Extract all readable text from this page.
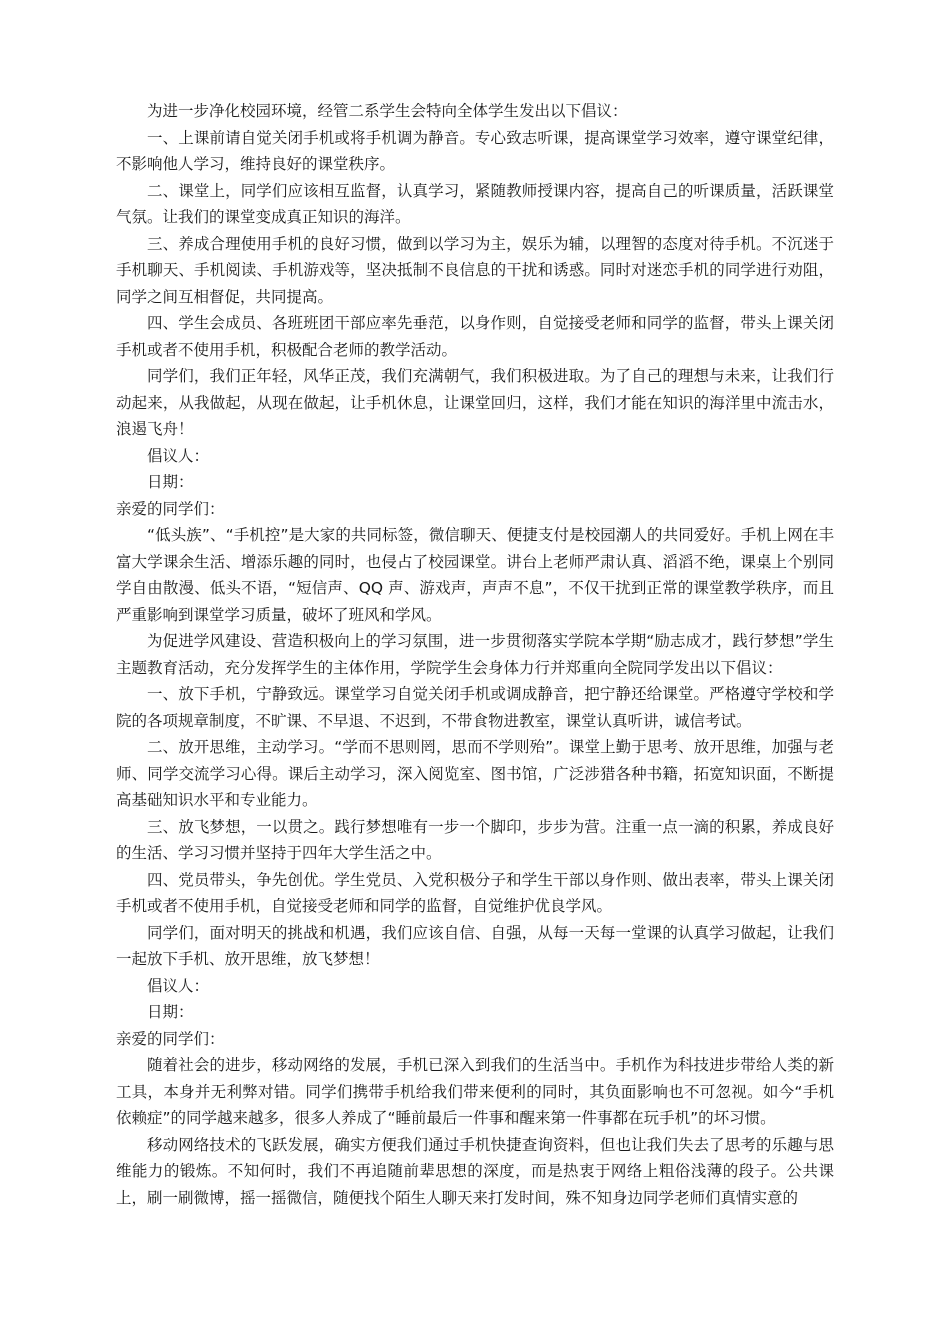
为进一步净化校园环境，经管二系学生会特向全体学生发出以下倡议：

一、上课前请自觉关闭手机或将手机调为静音。专心致志听课，提高课堂学习效率，遵守课堂纪律，不影响他人学习，维持良好的课堂秩序。

二、课堂上，同学们应该相互监督，认真学习，紧随教师授课内容，提高自己的听课质量，活跃课堂气氛。让我们的课堂变成真正知识的海洋。

三、养成合理使用手机的良好习惯，做到以学习为主，娱乐为辅，以理智的态度对待手机。不沉迷于手机聊天、手机阅读、手机游戏等，坚决抵制不良信息的干扰和诱惑。同时对迷恋手机的同学进行劝阻，同学之间互相督促，共同提高。

四、学生会成员、各班班团干部应率先垂范，以身作则，自觉接受老师和同学的监督，带头上课关闭手机或者不使用手机，积极配合老师的教学活动。

同学们，我们正年轻，风华正茂，我们充满朝气，我们积极进取。为了自己的理想与未来，让我们行动起来，从我做起，从现在做起，让手机休息，让课堂回归，这样，我们才能在知识的海洋里中流击水，浪遏飞舟！

倡议人：

日期：

亲爱的同学们：

“低头族”、“手机控”是大家的共同标签，微信聊天、便捷支付是校园潮人的共同爱好。手机上网在丰富大学课余生活、增添乐趣的同时，也侵占了校园课堂。讲台上老师严肃认真、滔滔不绝，课桌上个别同学自由散漫、低头不语，“短信声、QQ 声、游戏声，声声不息”，不仅干扰到正常的课堂教学秩序，而且严重影响到课堂学习质量，破坏了班风和学风。

为促进学风建设、营造积极向上的学习氛围，进一步贯彻落实学院本学期“励志成才，践行梦想”学生主题教育活动，充分发挥学生的主体作用，学院学生会身体力行并郑重向全院同学发出以下倡议：

一、放下手机，宁静致远。课堂学习自觉关闭手机或调成静音，把宁静还给课堂。严格遵守学校和学院的各项规章制度，不旷课、不早退、不迟到，不带食物进教室，课堂认真听讲，诚信考试。

二、放开思维，主动学习。“学而不思则罔，思而不学则殆”。课堂上勤于思考、放开思维，加强与老师、同学交流学习心得。课后主动学习，深入阅览室、图书馆，广泛涉猎各种书籍，拓宽知识面，不断提高基础知识水平和专业能力。

三、放飞梦想，一以贯之。践行梦想唯有一步一个脚印，步步为营。注重一点一滴的积累，养成良好的生活、学习习惯并坚持于四年大学生活之中。

四、党员带头，争先创优。学生党员、入党积极分子和学生干部以身作则、做出表率，带头上课关闭手机或者不使用手机，自觉接受老师和同学的监督，自觉维护优良学风。

同学们，面对明天的挑战和机遇，我们应该自信、自强，从每一天每一堂课的认真学习做起，让我们一起放下手机、放开思维，放飞梦想！

倡议人：

日期：

亲爱的同学们：

随着社会的进步，移动网络的发展，手机已深入到我们的生活当中。手机作为科技进步带给人类的新工具，本身并无利弊对错。同学们携带手机给我们带来便利的同时，其负面影响也不可忽视。如今“手机依赖症”的同学越来越多，很多人养成了“睡前最后一件事和醒来第一件事都在玩手机”的坏习惯。

移动网络技术的飞跃发展，确实方便我们通过手机快捷查询资料，但也让我们失去了思考的乐趣与思维能力的锻炼。不知何时，我们不再追随前辈思想的深度，而是热衷于网络上粗俗浅薄的段子。公共课上，刷一刷微博，摇一摇微信，随便找个陌生人聊天来打发时间，殊不知身边同学老师们真情实意的
